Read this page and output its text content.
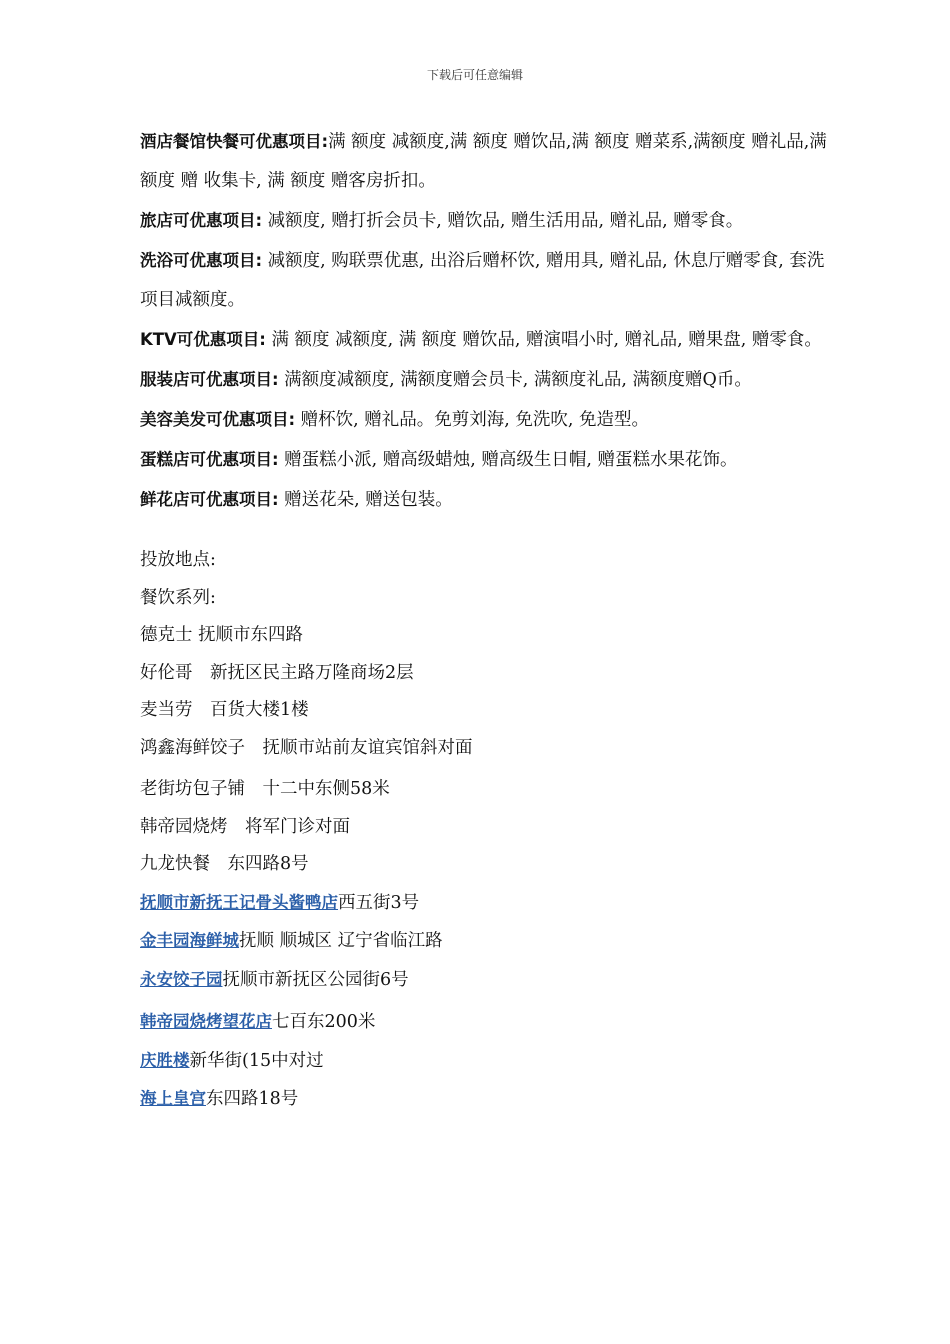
下载后可任意编辑

酒店餐馆快餐可优惠项目:满 额度 减额度,满 额度 赠饮品,满 额度 赠菜系,满额度 赠礼品,满 额度 赠 收集卡, 满 额度 赠客房折扣。

旅店可优惠项目: 减额度, 赠打折会员卡, 赠饮品, 赠生活用品, 赠礼品, 赠零食。

洗浴可优惠项目: 减额度, 购联票优惠, 出浴后赠杯饮, 赠用具, 赠礼品, 休息厅赠零食, 套洗项目减额度。

KTV可优惠项目: 满 额度 减额度, 满 额度 赠饮品, 赠演唱小时, 赠礼品, 赠果盘, 赠零食。

服装店可优惠项目: 满额度减额度, 满额度赠会员卡, 满额度礼品, 满额度赠Q币。

美容美发可优惠项目: 赠杯饮, 赠礼品。免剪刘海, 免洗吹, 免造型。

蛋糕店可优惠项目: 赠蛋糕小派, 赠高级蜡烛, 赠高级生日帽, 赠蛋糕水果花饰。

鲜花店可优惠项目: 赠送花朵, 赠送包装。

投放地点:

餐饮系列:

德克士 抚顺市东四路

好伦哥　新抚区民主路万隆商场2层

麦当劳　百货大楼1楼

鸿鑫海鲜饺子　抚顺市站前友谊宾馆斜对面

老街坊包子铺　十二中东侧58米

韩帝园烧烤　将军门诊对面

九龙快餐　东四路8号

抚顺市新抚王记骨头酱鸭店西五街3号

金丰园海鲜城抚顺 顺城区 辽宁省临江路

永安饺子园抚顺市新抚区公园街6号

韩帝园烧烤望花店七百东200米

庆胜楼新华街(15中对过

海上皇宫东四路18号
